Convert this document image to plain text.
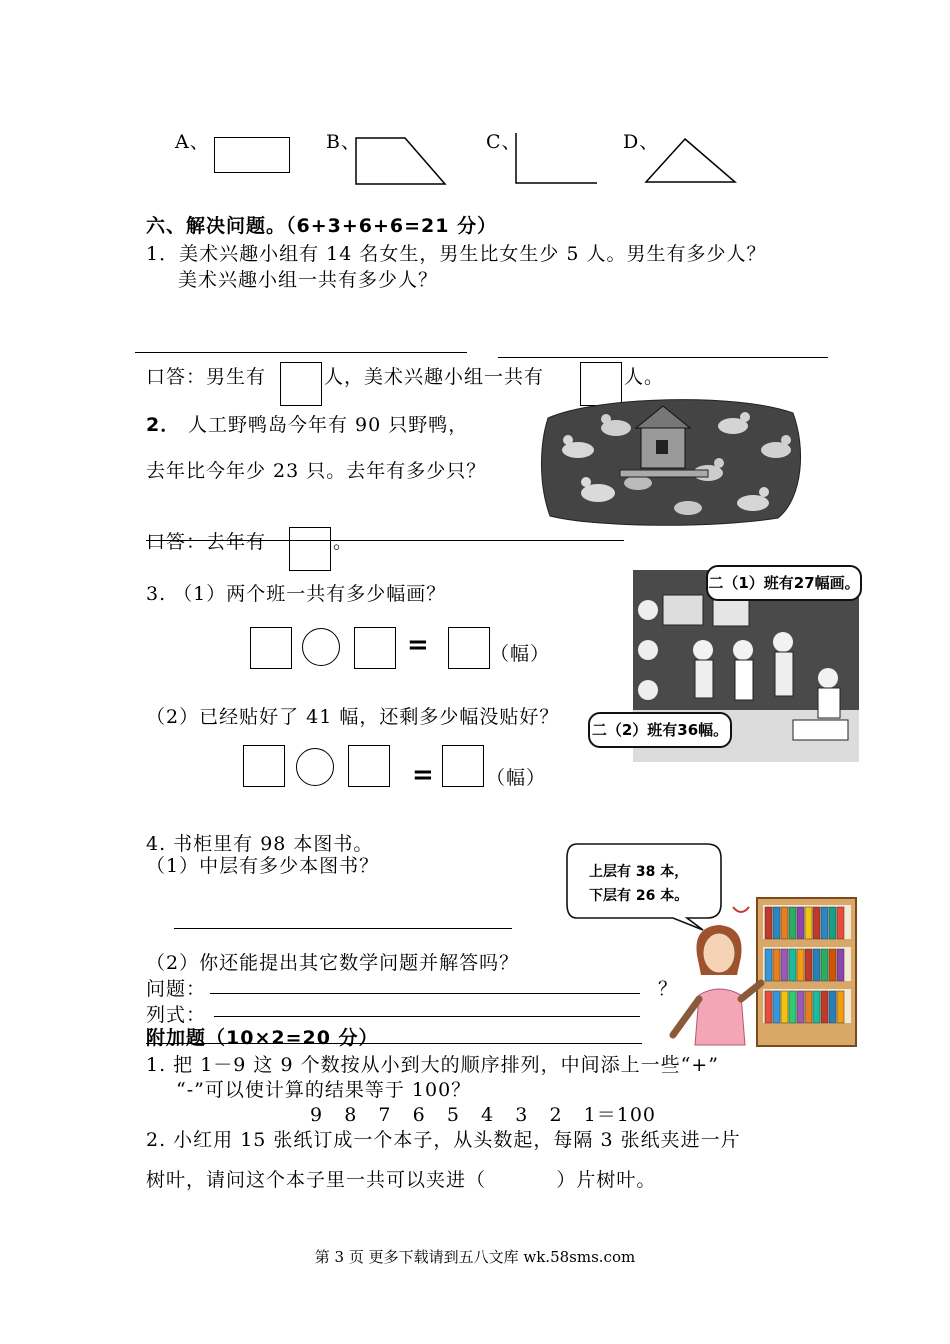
A、	B、	C、	D、
六、解决问题。（6+3+6+6=21 分）
1．美术兴趣小组有 14 名女生，男生比女生少 5 人。男生有多少人？
美术兴趣小组一共有多少人？
口答：男生有	人，美术兴趣小组一共有	人。
2． 人工野鸭岛今年有 90 只野鸭，
去年比今年少 23 只。去年有多少只？
口答：去年有	。
3. （1）两个班一共有多少幅画？
=	（幅）
（2）已经贴好了 41 幅，还剩多少幅没贴好？
=	（幅）
二（1）班有27幅画。
二（2）班有36幅。
4. 书柜里有 98 本图书。
（1）中层有多少本图书？
（2）你还能提出其它数学问题并解答吗？
问题：	？
列式：
上层有 38 本，
下层有 26 本。
附加题（10×2=20 分）
1. 把 1－9 这 9 个数按从小到大的顺序排列，中间添上一些“+”
“-”可以使计算的结果等于 100？
9   8   7   6   5   4   3   2   1＝100
2. 小红用 15 张纸订成一个本子，从头数起，每隔 3 张纸夹进一片
树叶，请问这个本子里一共可以夹进（          ）片树叶。
第 3 页 更多下载请到五八文库 wk.58sms.com
